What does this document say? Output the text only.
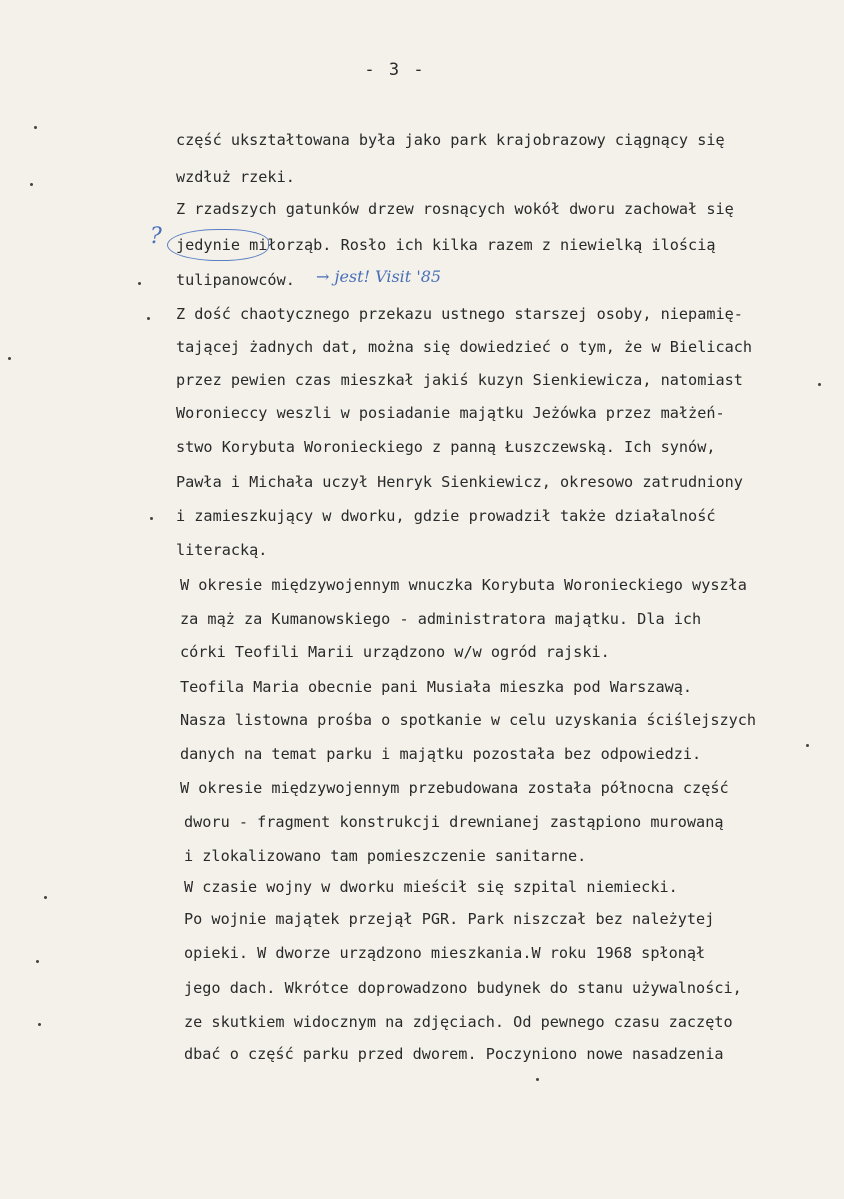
- 3 -
część ukształtowana była jako park krajobrazowy ciągnący się
wzdłuż rzeki.
Z rzadszych gatunków drzew rosnących wokół dworu zachował się
jedynie miłorząb. Rosło ich kilka razem z niewielką ilością
tulipanowców.
Z dość chaotycznego przekazu ustnego starszej osoby, niepamię-
tającej żadnych dat, można się dowiedzieć o tym, że w Bielicach
przez pewien czas mieszkał jakiś kuzyn Sienkiewicza, natomiast
Woronieccy weszli w posiadanie majątku Jeżówka przez małżeń-
stwo Korybuta Woronieckiego z panną Łuszczewską. Ich synów,
Pawła i Michała uczył Henryk Sienkiewicz, okresowo zatrudniony
i zamieszkujący w dworku, gdzie prowadził także działalność
literacką.
W okresie międzywojennym wnuczka Korybuta Woronieckiego wyszła
za mąż za Kumanowskiego - administratora majątku. Dla ich
córki Teofili Marii urządzono w/w ogród rajski.
Teofila Maria obecnie pani Musiała mieszka pod Warszawą.
Nasza listowna prośba o spotkanie w celu uzyskania ściślejszych
danych na temat parku i majątku pozostała bez odpowiedzi.
W okresie międzywojennym przebudowana została północna część
dworu - fragment konstrukcji drewnianej zastąpiono murowaną
i zlokalizowano tam pomieszczenie sanitarne.
W czasie wojny w dworku mieścił się szpital niemiecki.
Po wojnie majątek przejął PGR. Park niszczał bez należytej
opieki. W dworze urządzono mieszkania.W roku 1968 spłonął
jego dach. Wkrótce doprowadzono budynek do stanu używalności,
ze skutkiem widocznym na zdjęciach. Od pewnego czasu zaczęto
dbać o część parku przed dworem. Poczyniono nowe nasadzenia
?
→ jest! Visit '85
